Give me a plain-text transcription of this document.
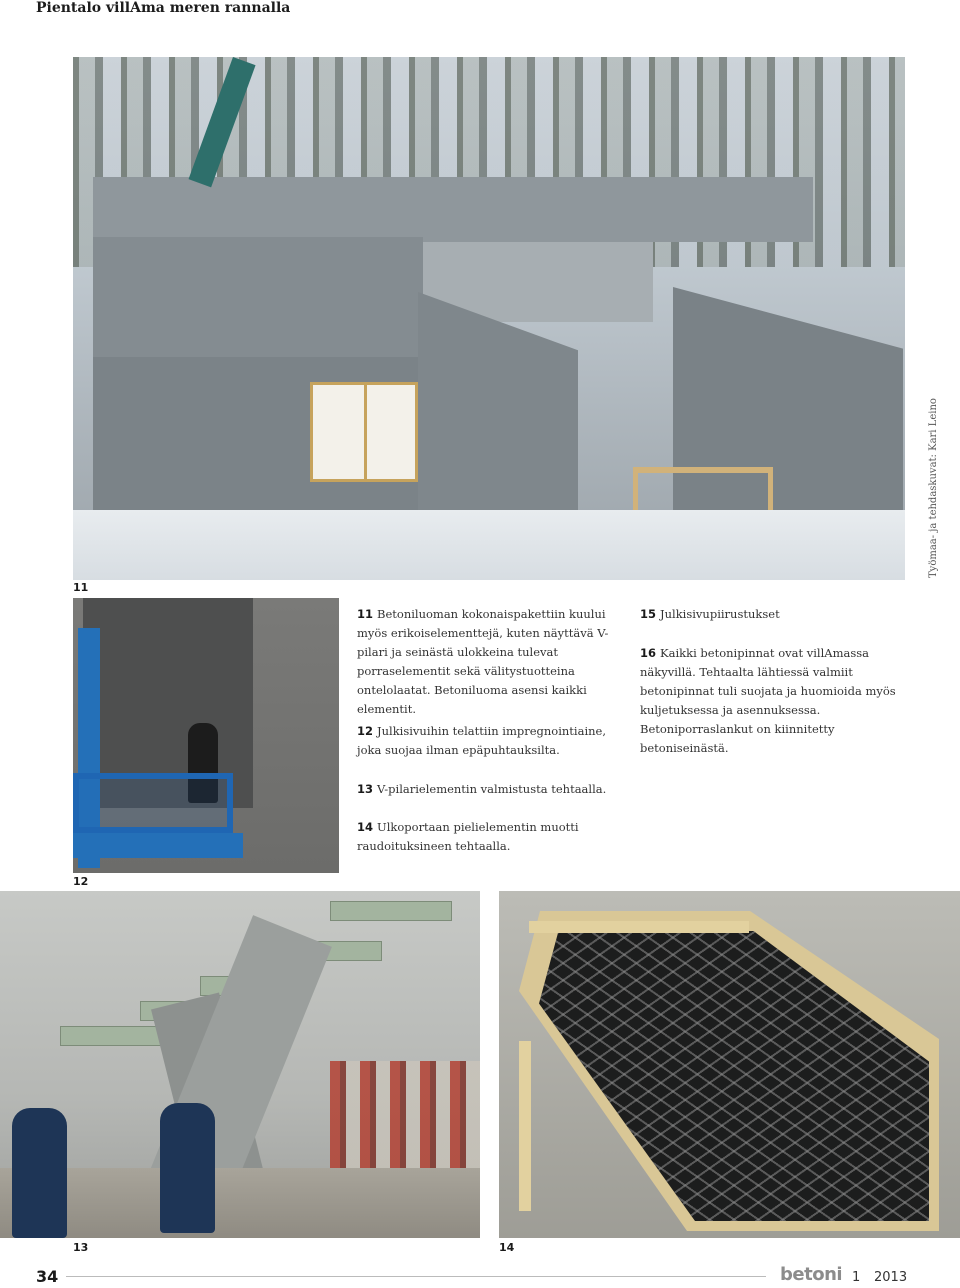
Pientalo villAma meren rannalla
11
Työmaa- ja tehdaskuvat: Kari Leino
12
11 Betoniluoman kokonaispakettiin kuului myös erikoiselementtejä, kuten näyttävä V-pilari ja seinästä ulokkeina tulevat porraselementit sekä välitystuotteina ontelolaatat. Betoniluoma asensi kaikki elementit.
12 Julkisivuihin telattiin impregnointiaine, joka suojaa ilman epäpuhtauksilta.
13 V-pilarielementin valmistusta tehtaalla.
14 Ulkoportaan pielielementin muotti raudoituksineen tehtaalla.
15 Julkisivupiirustukset
16 Kaikki betonipinnat ovat villAmassa näkyvillä. Tehtaalta lähtiessä valmiit betonipinnat tuli suojata ja huomioida myös kuljetuksessa ja asennuksessa. Betoniporraslankut on kiinnitetty betoniseinästä.
13	14
34	betoni 1 2013
